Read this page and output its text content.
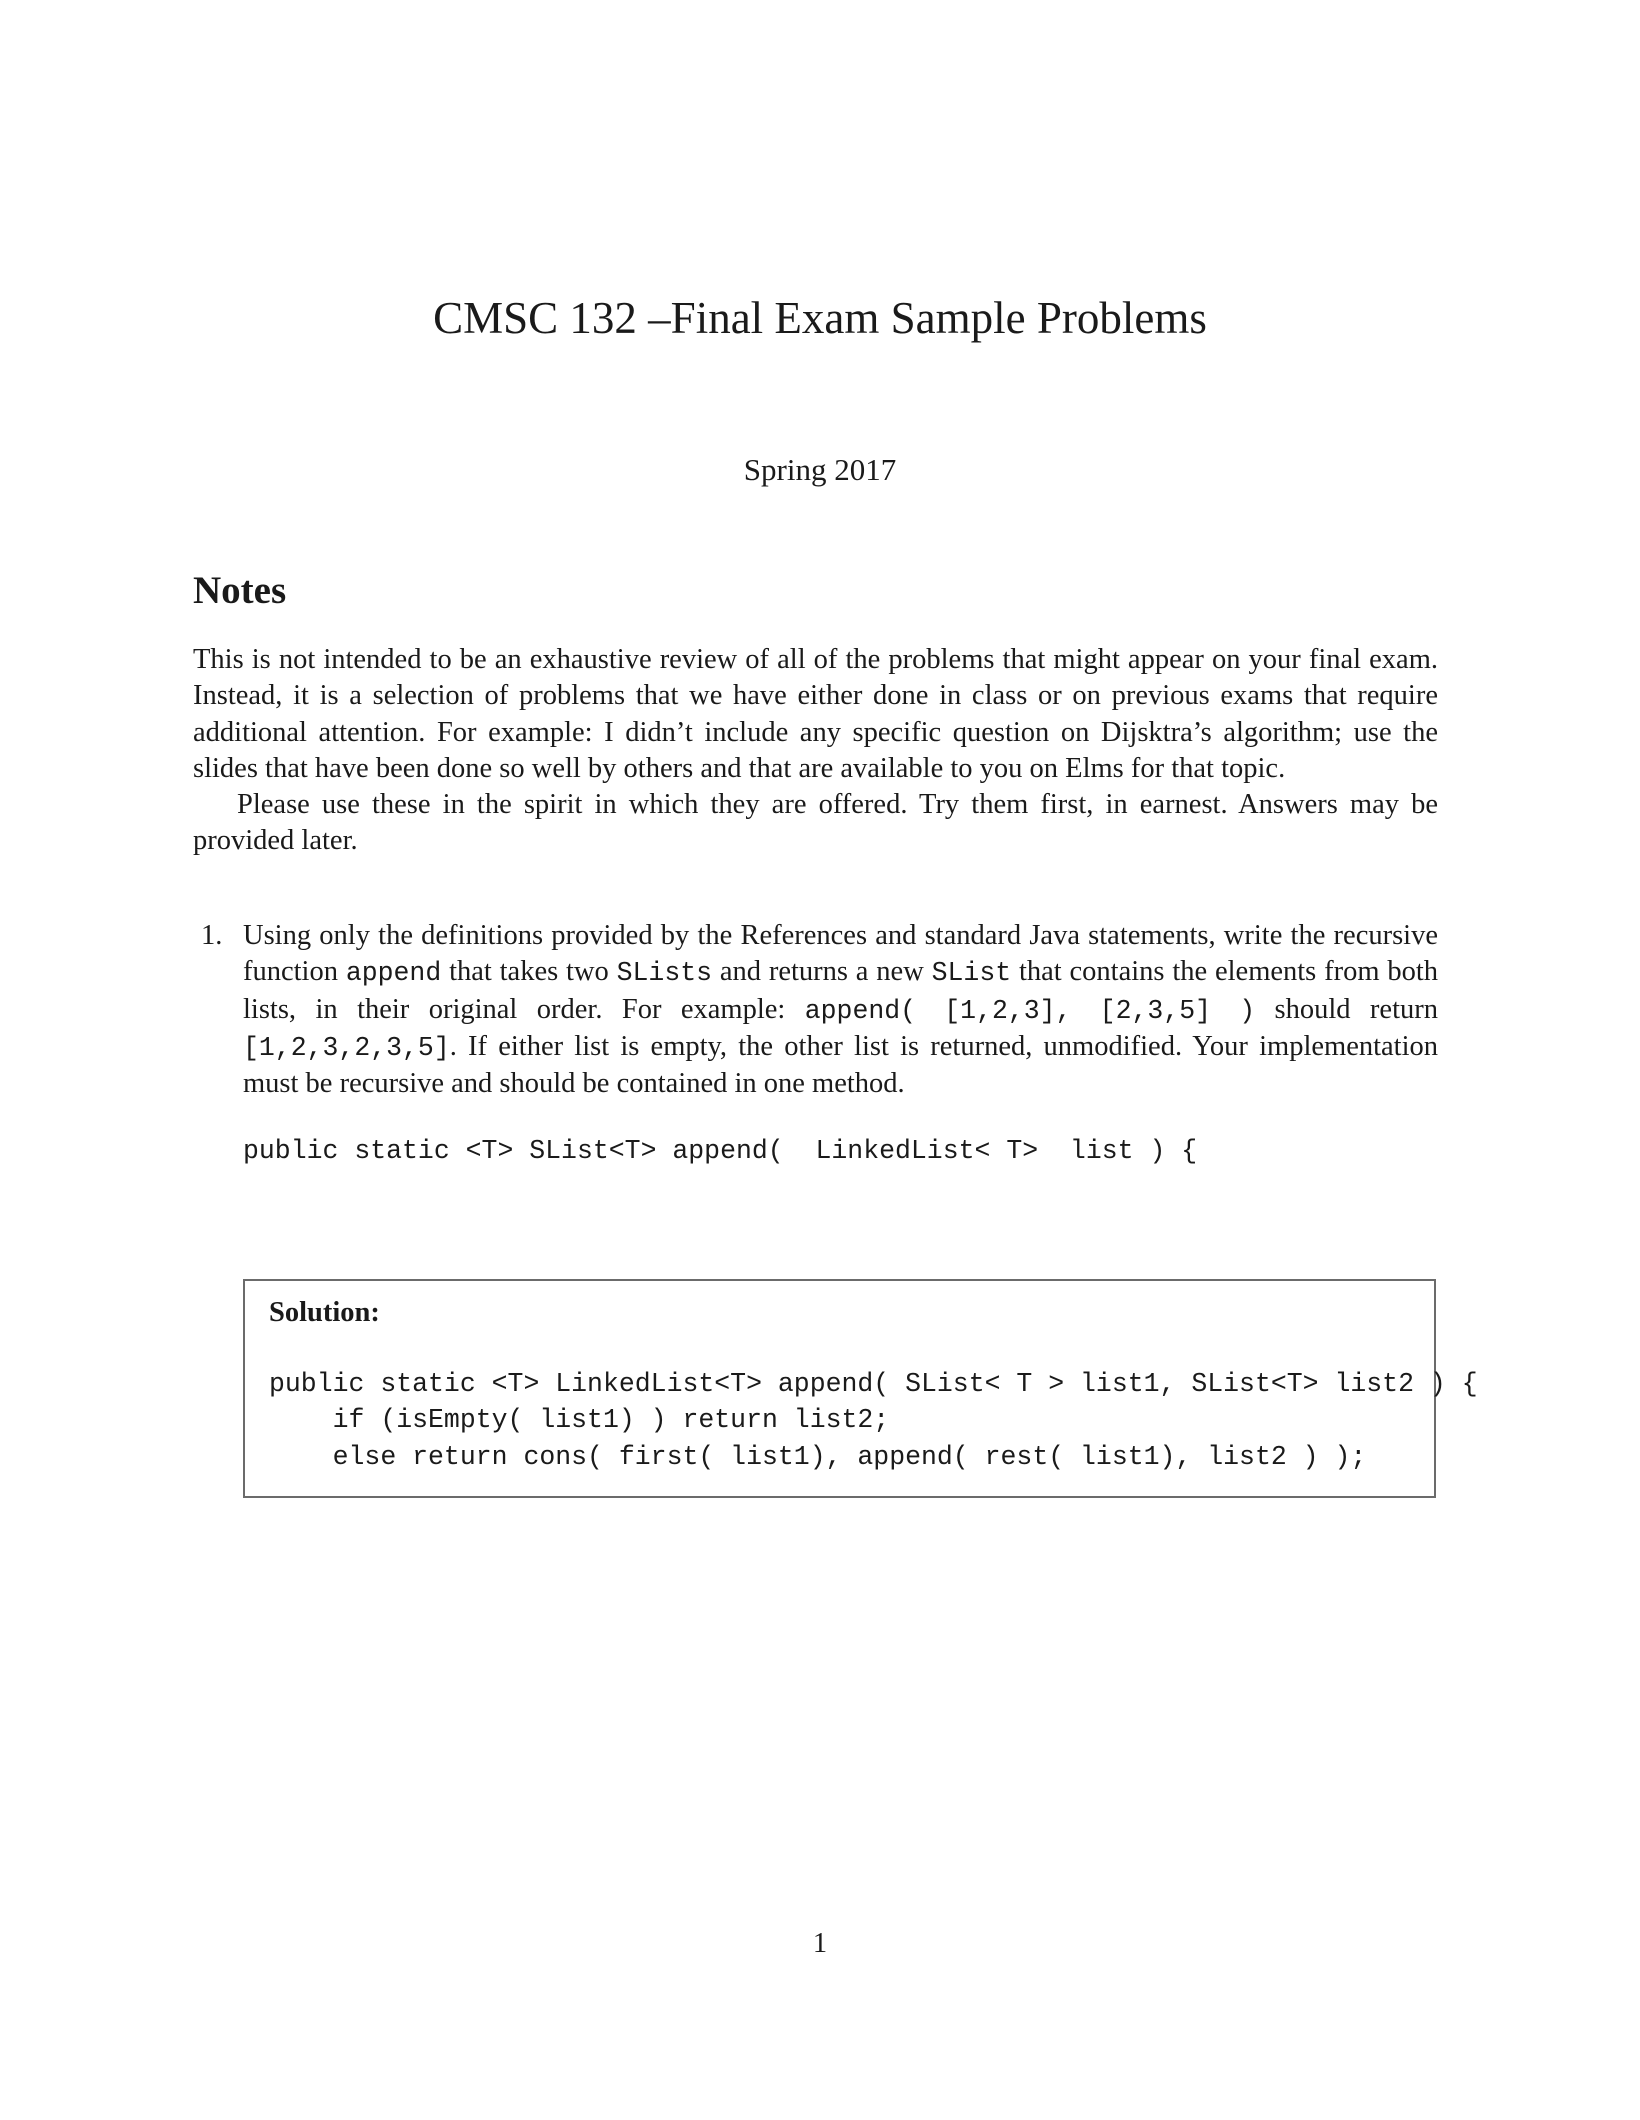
CMSC 132 –Final Exam Sample Problems

Spring 2017

Notes

This is not intended to be an exhaustive review of all of the problems that might appear on your final exam. Instead, it is a selection of problems that we have either done in class or on previous exams that require additional attention. For example: I didn’t include any specific question on Dijsktra’s algorithm; use the slides that have been done so well by others and that are available to you on Elms for that topic.

Please use these in the spirit in which they are offered. Try them first, in earnest. Answers may be provided later.

1. Using only the definitions provided by the References and standard Java statements, write the recursive function append that takes two SLists and returns a new SList that contains the elements from both lists, in their original order. For example: append( [1,2,3], [2,3,5] ) should return [1,2,3,2,3,5]. If either list is empty, the other list is returned, unmodified. Your implementation must be recursive and should be contained in one method.

public static <T> SList<T> append(  LinkedList< T>  list ) {

Solution:

public static <T> LinkedList<T> append( SList< T > list1, SList<T> list2 ) {
if (isEmpty( list1) ) return list2;
else return cons( first( list1), append( rest( list1), list2 ) );

1
